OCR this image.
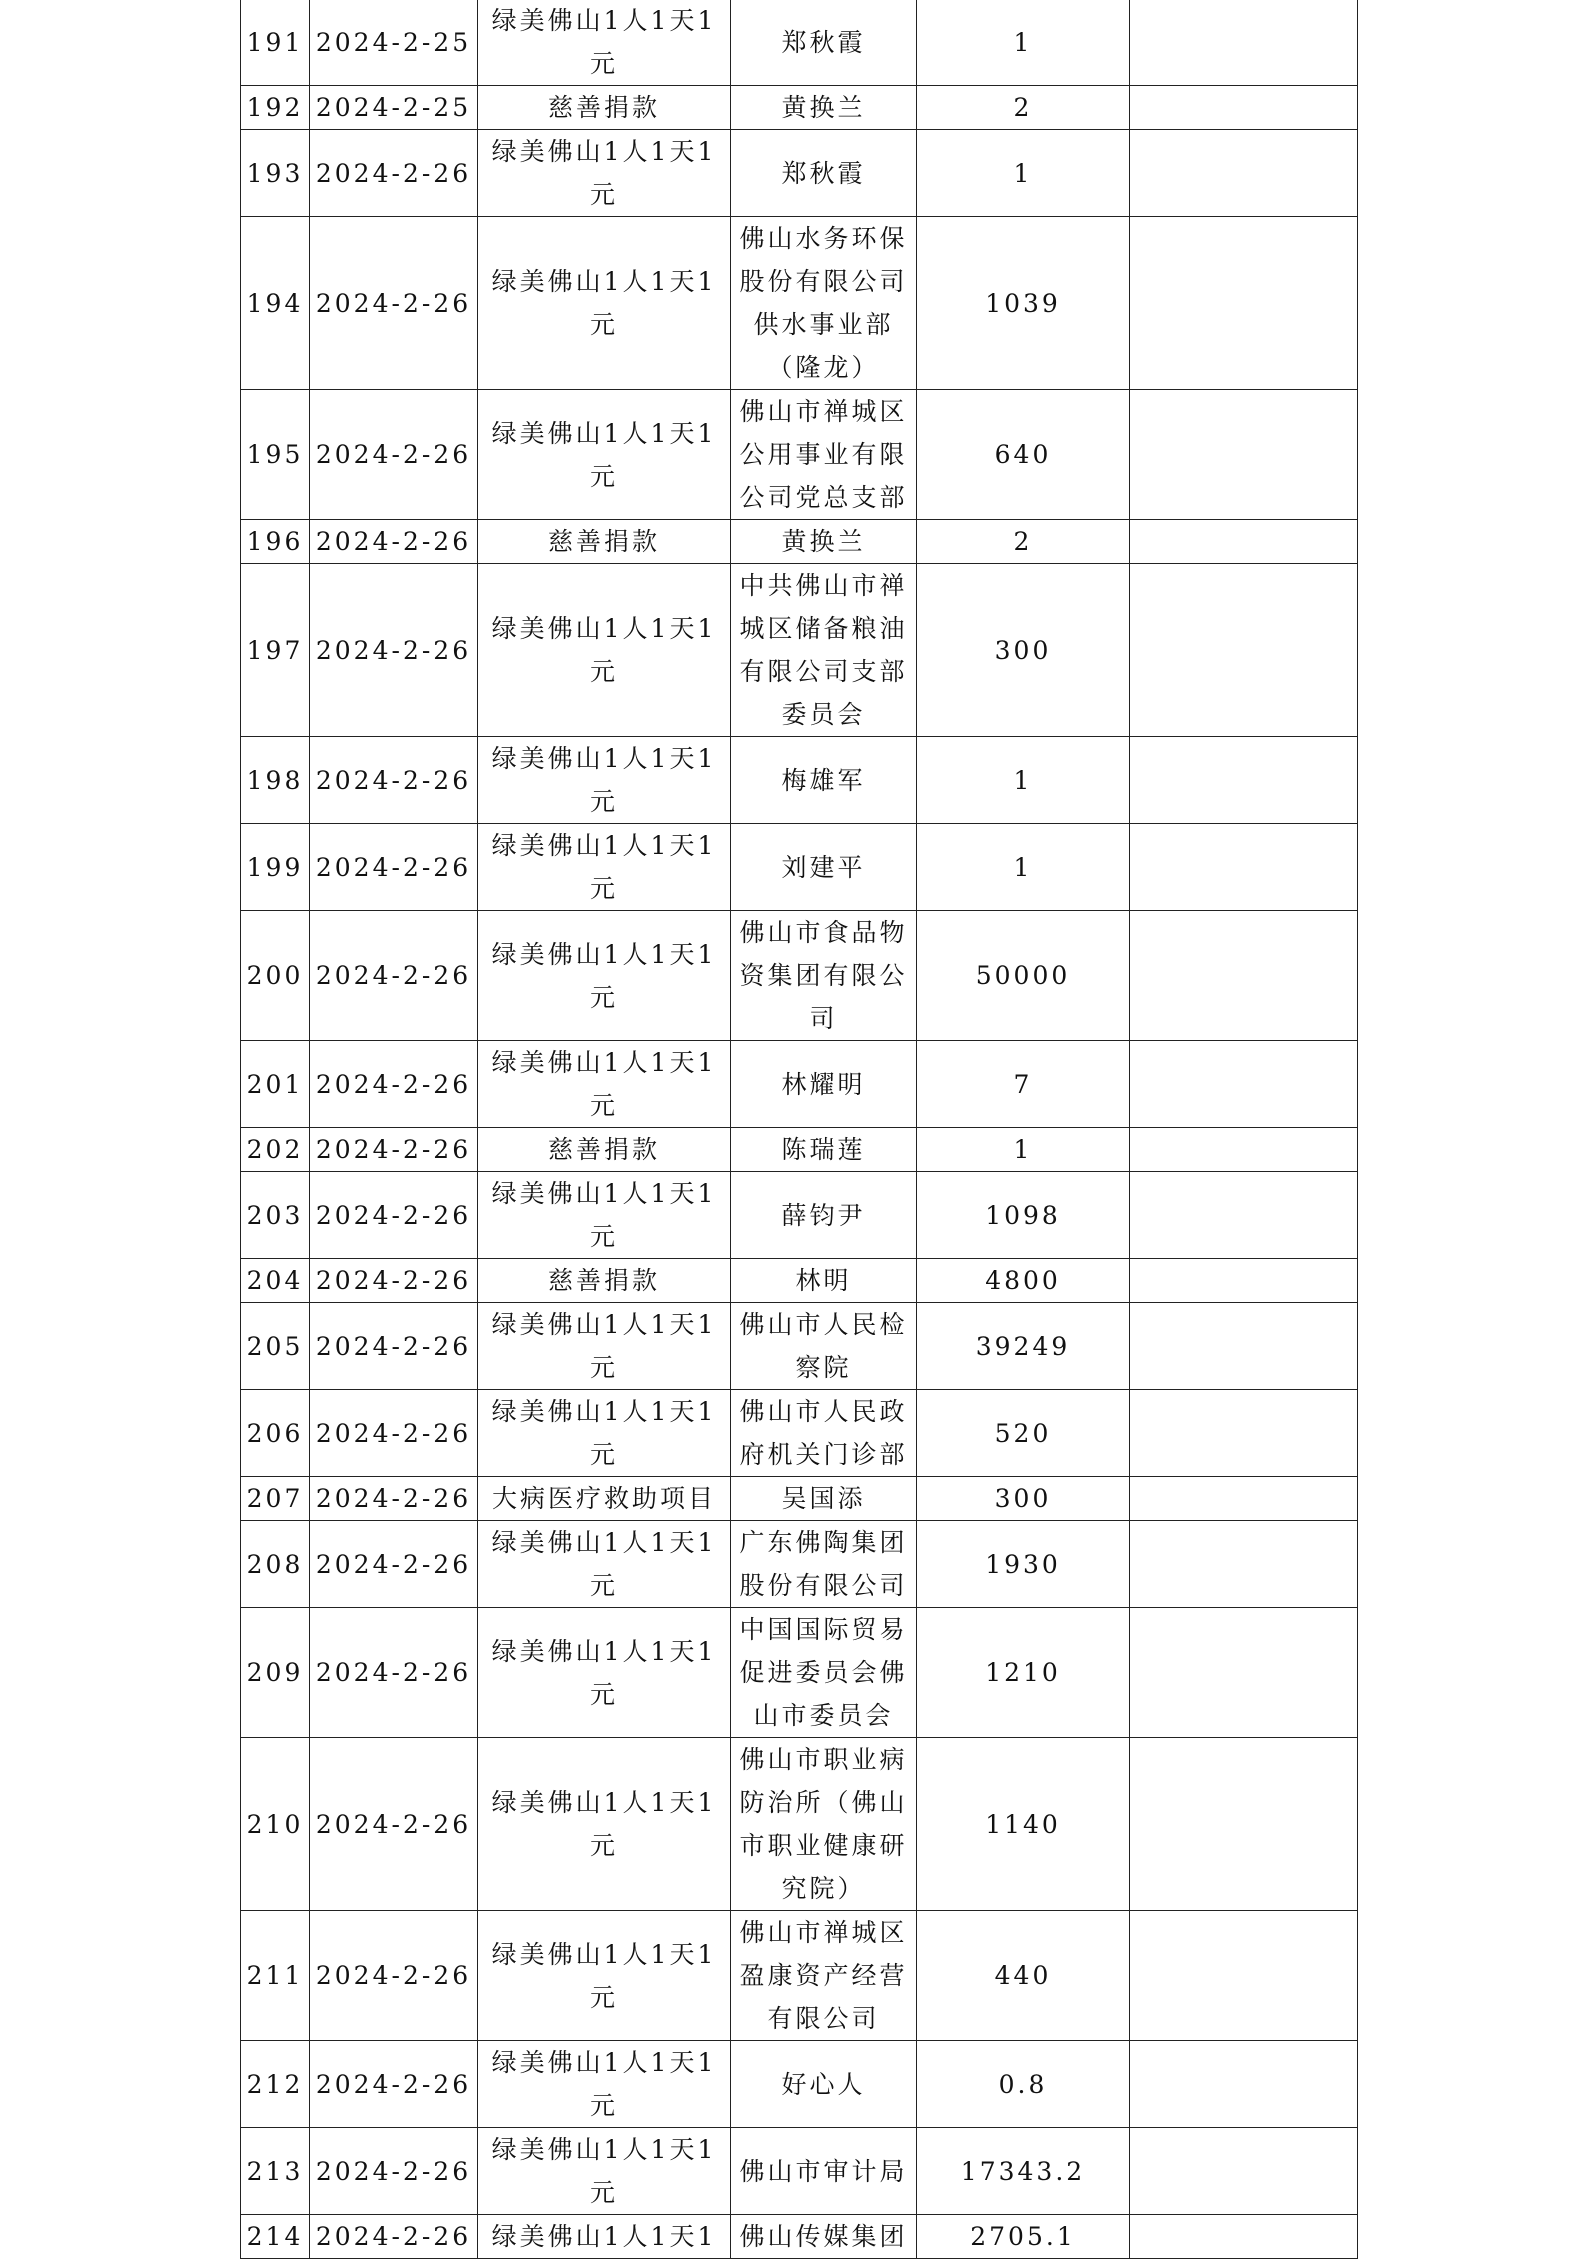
191	2024-2-25	绿美佛山1人1天1元	郑秋霞	1	
192	2024-2-25	慈善捐款	黄换兰	2	
193	2024-2-26	绿美佛山1人1天1元	郑秋霞	1	
194	2024-2-26	绿美佛山1人1天1元	佛山水务环保股份有限公司供水事业部（隆龙）	1039	
195	2024-2-26	绿美佛山1人1天1元	佛山市禅城区公用事业有限公司党总支部	640	
196	2024-2-26	慈善捐款	黄换兰	2	
197	2024-2-26	绿美佛山1人1天1元	中共佛山市禅城区储备粮油有限公司支部委员会	300	
198	2024-2-26	绿美佛山1人1天1元	梅雄军	1	
199	2024-2-26	绿美佛山1人1天1元	刘建平	1	
200	2024-2-26	绿美佛山1人1天1元	佛山市食品物资集团有限公司	50000	
201	2024-2-26	绿美佛山1人1天1元	林耀明	7	
202	2024-2-26	慈善捐款	陈瑞莲	1	
203	2024-2-26	绿美佛山1人1天1元	薛钧尹	1098	
204	2024-2-26	慈善捐款	林明	4800	
205	2024-2-26	绿美佛山1人1天1元	佛山市人民检察院	39249	
206	2024-2-26	绿美佛山1人1天1元	佛山市人民政府机关门诊部	520	
207	2024-2-26	大病医疗救助项目	吴国添	300	
208	2024-2-26	绿美佛山1人1天1元	广东佛陶集团股份有限公司	1930	
209	2024-2-26	绿美佛山1人1天1元	中国国际贸易促进委员会佛山市委员会	1210	
210	2024-2-26	绿美佛山1人1天1元	佛山市职业病防治所（佛山市职业健康研究院）	1140	
211	2024-2-26	绿美佛山1人1天1元	佛山市禅城区盈康资产经营有限公司	440	
212	2024-2-26	绿美佛山1人1天1元	好心人	0.8	
213	2024-2-26	绿美佛山1人1天1元	佛山市审计局	17343.2	
214	2024-2-26	绿美佛山1人1天1	佛山传媒集团	2705.1	
